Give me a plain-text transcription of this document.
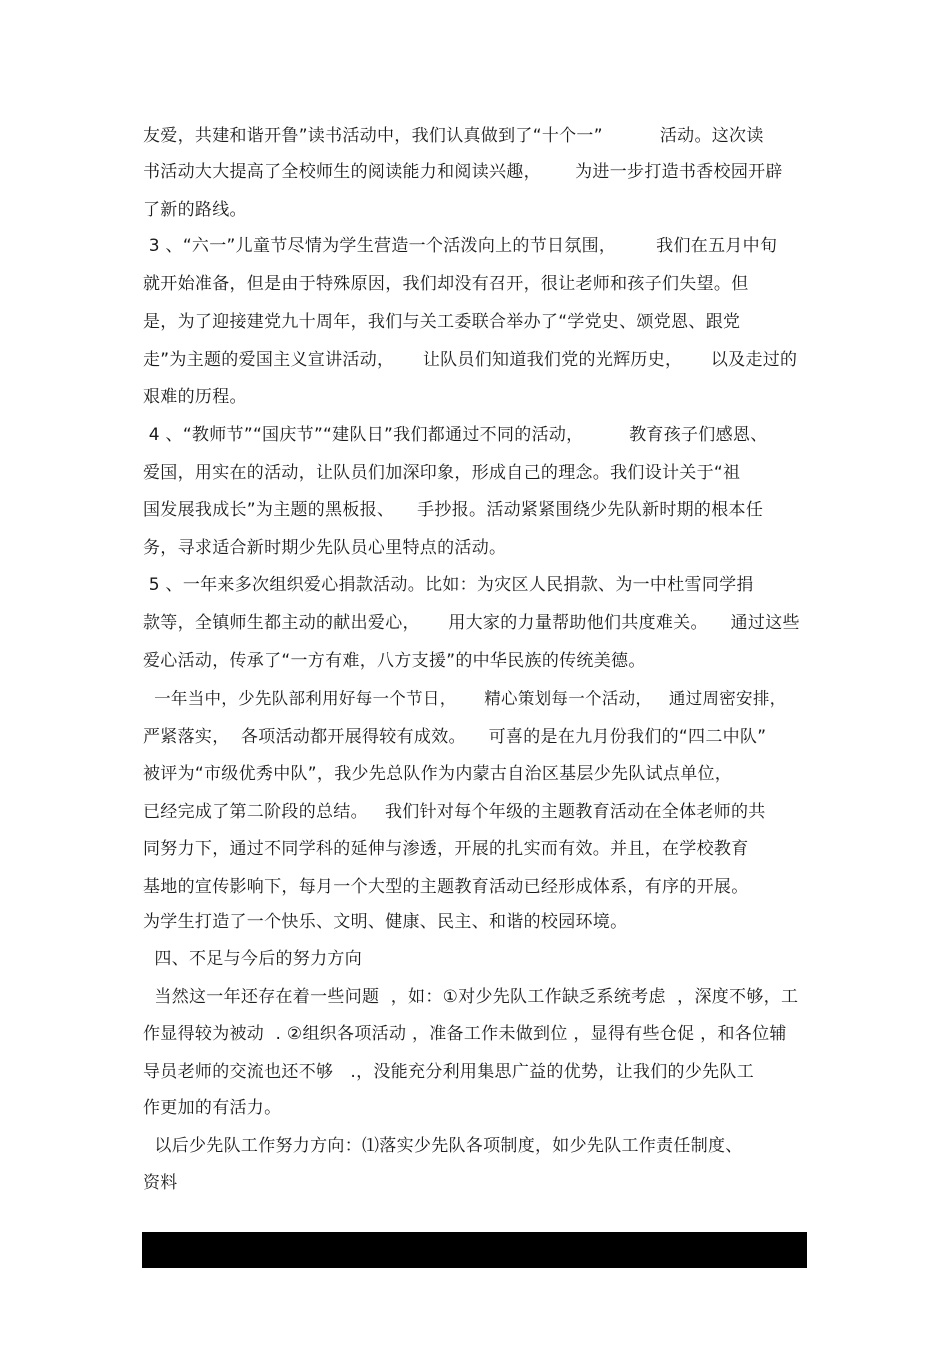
友爱，共建和谐开鲁”读书活动中，我们认真做到了“十个一”          活动。这次读
书活动大大提高了全校师生的阅读能力和阅读兴趣，      为进一步打造书香校园开辟
了新的路线。
3 、“六一”儿童节尽情为学生营造一个活泼向上的节日氛围，       我们在五月中旬
就开始准备，但是由于特殊原因，我们却没有召开，很让老师和孩子们失望。但
是，为了迎接建党九十周年，我们与关工委联合举办了“学党史、颂党恩、跟党
走”为主题的爱国主义宣讲活动，     让队员们知道我们党的光辉历史，     以及走过的
艰难的历程。
4 、“教师节”“国庆节”“建队日”我们都通过不同的活动，        教育孩子们感恩、
爱国，用实在的活动，让队员们加深印象，形成自己的理念。我们设计关于“祖
国发展我成长”为主题的黑板报、    手抄报。活动紧紧围绕少先队新时期的根本任
务，寻求适合新时期少先队员心里特点的活动。
5 、一年来多次组织爱心捐款活动。比如：为灾区人民捐款、为一中杜雪同学捐
款等，全镇师生都主动的献出爱心，     用大家的力量帮助他们共度难关。    通过这些
爱心活动，传承了“一方有难，八方支援”的中华民族的传统美德。
一年当中，少先队部利用好每一个节日，     精心策划每一个活动，   通过周密安排，
严紧落实，  各项活动都开展得较有成效。    可喜的是在九月份我们的“四二中队”
被评为“市级优秀中队”，我少先总队作为内蒙古自治区基层少先队试点单位，
已经完成了第二阶段的总结。   我们针对每个年级的主题教育活动在全体老师的共
同努力下，通过不同学科的延伸与渗透，开展的扎实而有效。并且，在学校教育
基地的宣传影响下，每月一个大型的主题教育活动已经形成体系，有序的开展。
为学生打造了一个快乐、文明、健康、民主、和谐的校园环境。
四、不足与今后的努力方向
当然这一年还存在着一些问题  ，如：①对少先队工作缺乏系统考虑  ，深度不够，工
作显得较为被动  . ②组织各项活动 ，准备工作未做到位 ，显得有些仓促 ，和各位辅
导员老师的交流也还不够   .，没能充分利用集思广益的优势，让我们的少先队工
作更加的有活力。
以后少先队工作努力方向：⑴落实少先队各项制度，如少先队工作责任制度、
资料
